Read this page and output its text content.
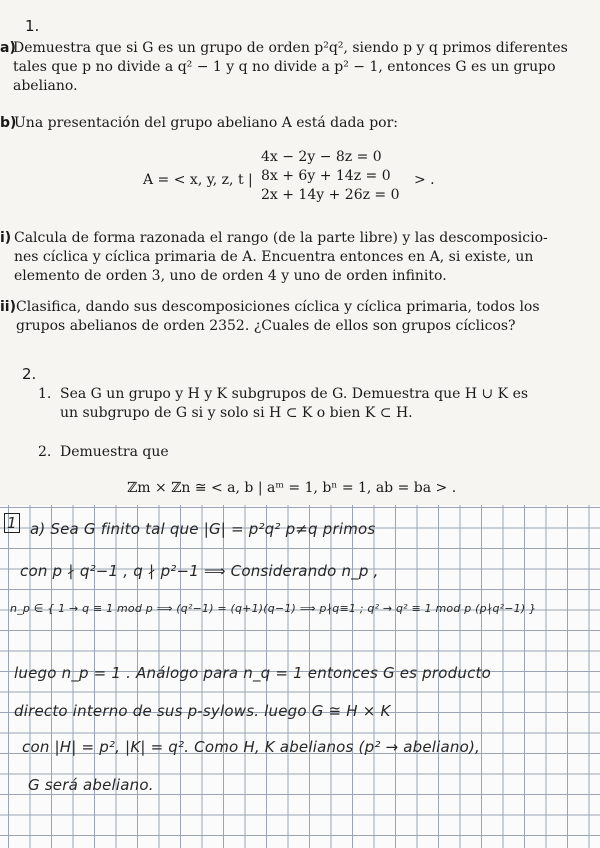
1.
a)
Demuestra que si G es un grupo de orden p²q², siendo p y q primos diferentes
tales que p no divide a q² − 1 y q no divide a p² − 1, entonces G es un grupo
abeliano.
b)
Una presentación del grupo abeliano A está dada por:
A = < x, y, z, t |
4x − 2y − 8z = 0
8x + 6y + 14z = 0
2x + 14y + 26z = 0
> .
i) Calcula de forma razonada el rango (de la parte libre) y las descomposicio-
nes cíclica y cíclica primaria de A. Encuentra entonces en A, si existe, un
elemento de orden 3, uno de orden 4 y uno de orden infinito.
ii) Clasifica, dando sus descomposiciones cíclica y cíclica primaria, todos los
grupos abelianos de orden 2352. ¿Cuales de ellos son grupos cíclicos?
2.
1. Sea G un grupo y H y K subgrupos de G. Demuestra que H ∪ K es
un subgrupo de G si y solo si H ⊂ K o bien K ⊂ H.
2. Demuestra que
ℤm × ℤn ≅ < a, b | aᵐ = 1, bⁿ = 1, ab = ba > .
1 a) Sea G finito tal que |G| = p²q² p≠q primos
con p ∤ q²−1 , q ∤ p²−1 ⟹ Considerando n_p ,
n_p ∈ { 1 → q ≡ 1 mod p ⟹ (q²−1) = (q+1)(q−1) ⟹ p∤q≡1 ; q² → q² ≡ 1 mod p (p∤q²−1) }
luego n_p = 1 . Análogo para n_q = 1 entonces G es producto
directo interno de sus p-sylows. luego G ≅ H × K
con |H| = p², |K| = q². Como H, K abelianos (p² → abeliano),
G será abeliano.
